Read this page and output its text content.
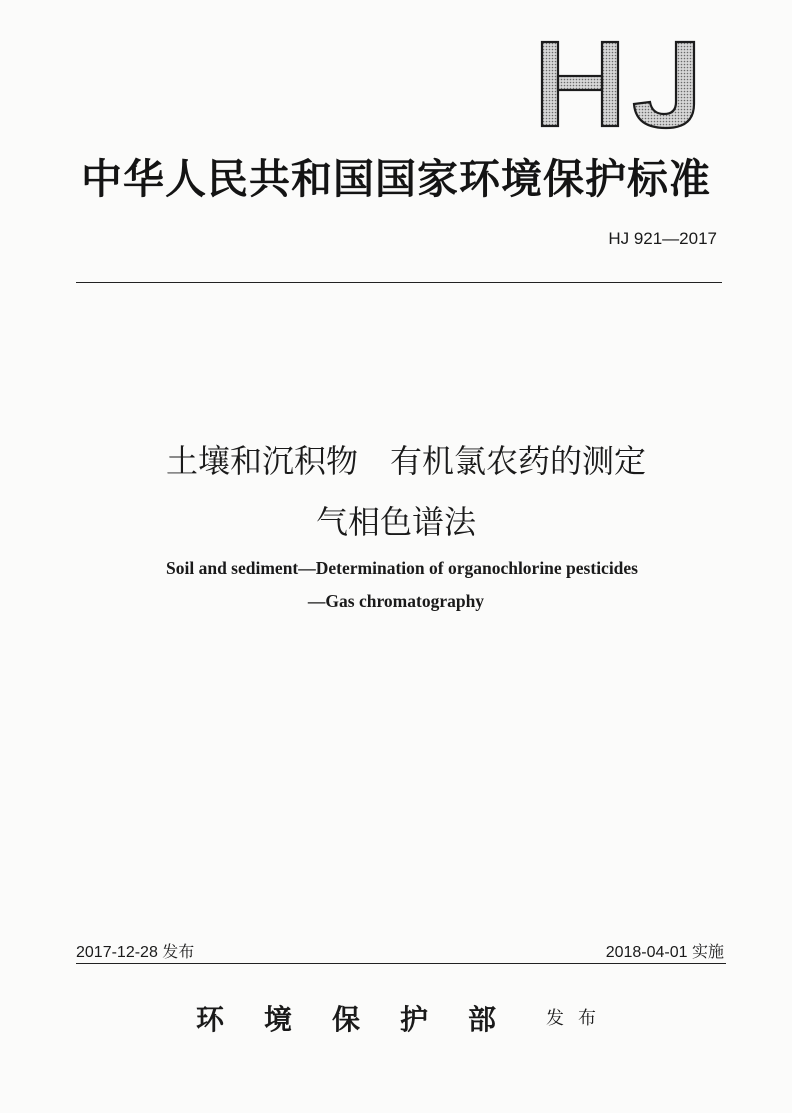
中华人民共和国国家环境保护标准
HJ 921—2017
土壤和沉积物　有机氯农药的测定
气相色谱法
Soil and sediment—Determination of organochlorine pesticides
—Gas chromatography
2017-12-28 发布	2018-04-01 实施
环境保护部 发布
